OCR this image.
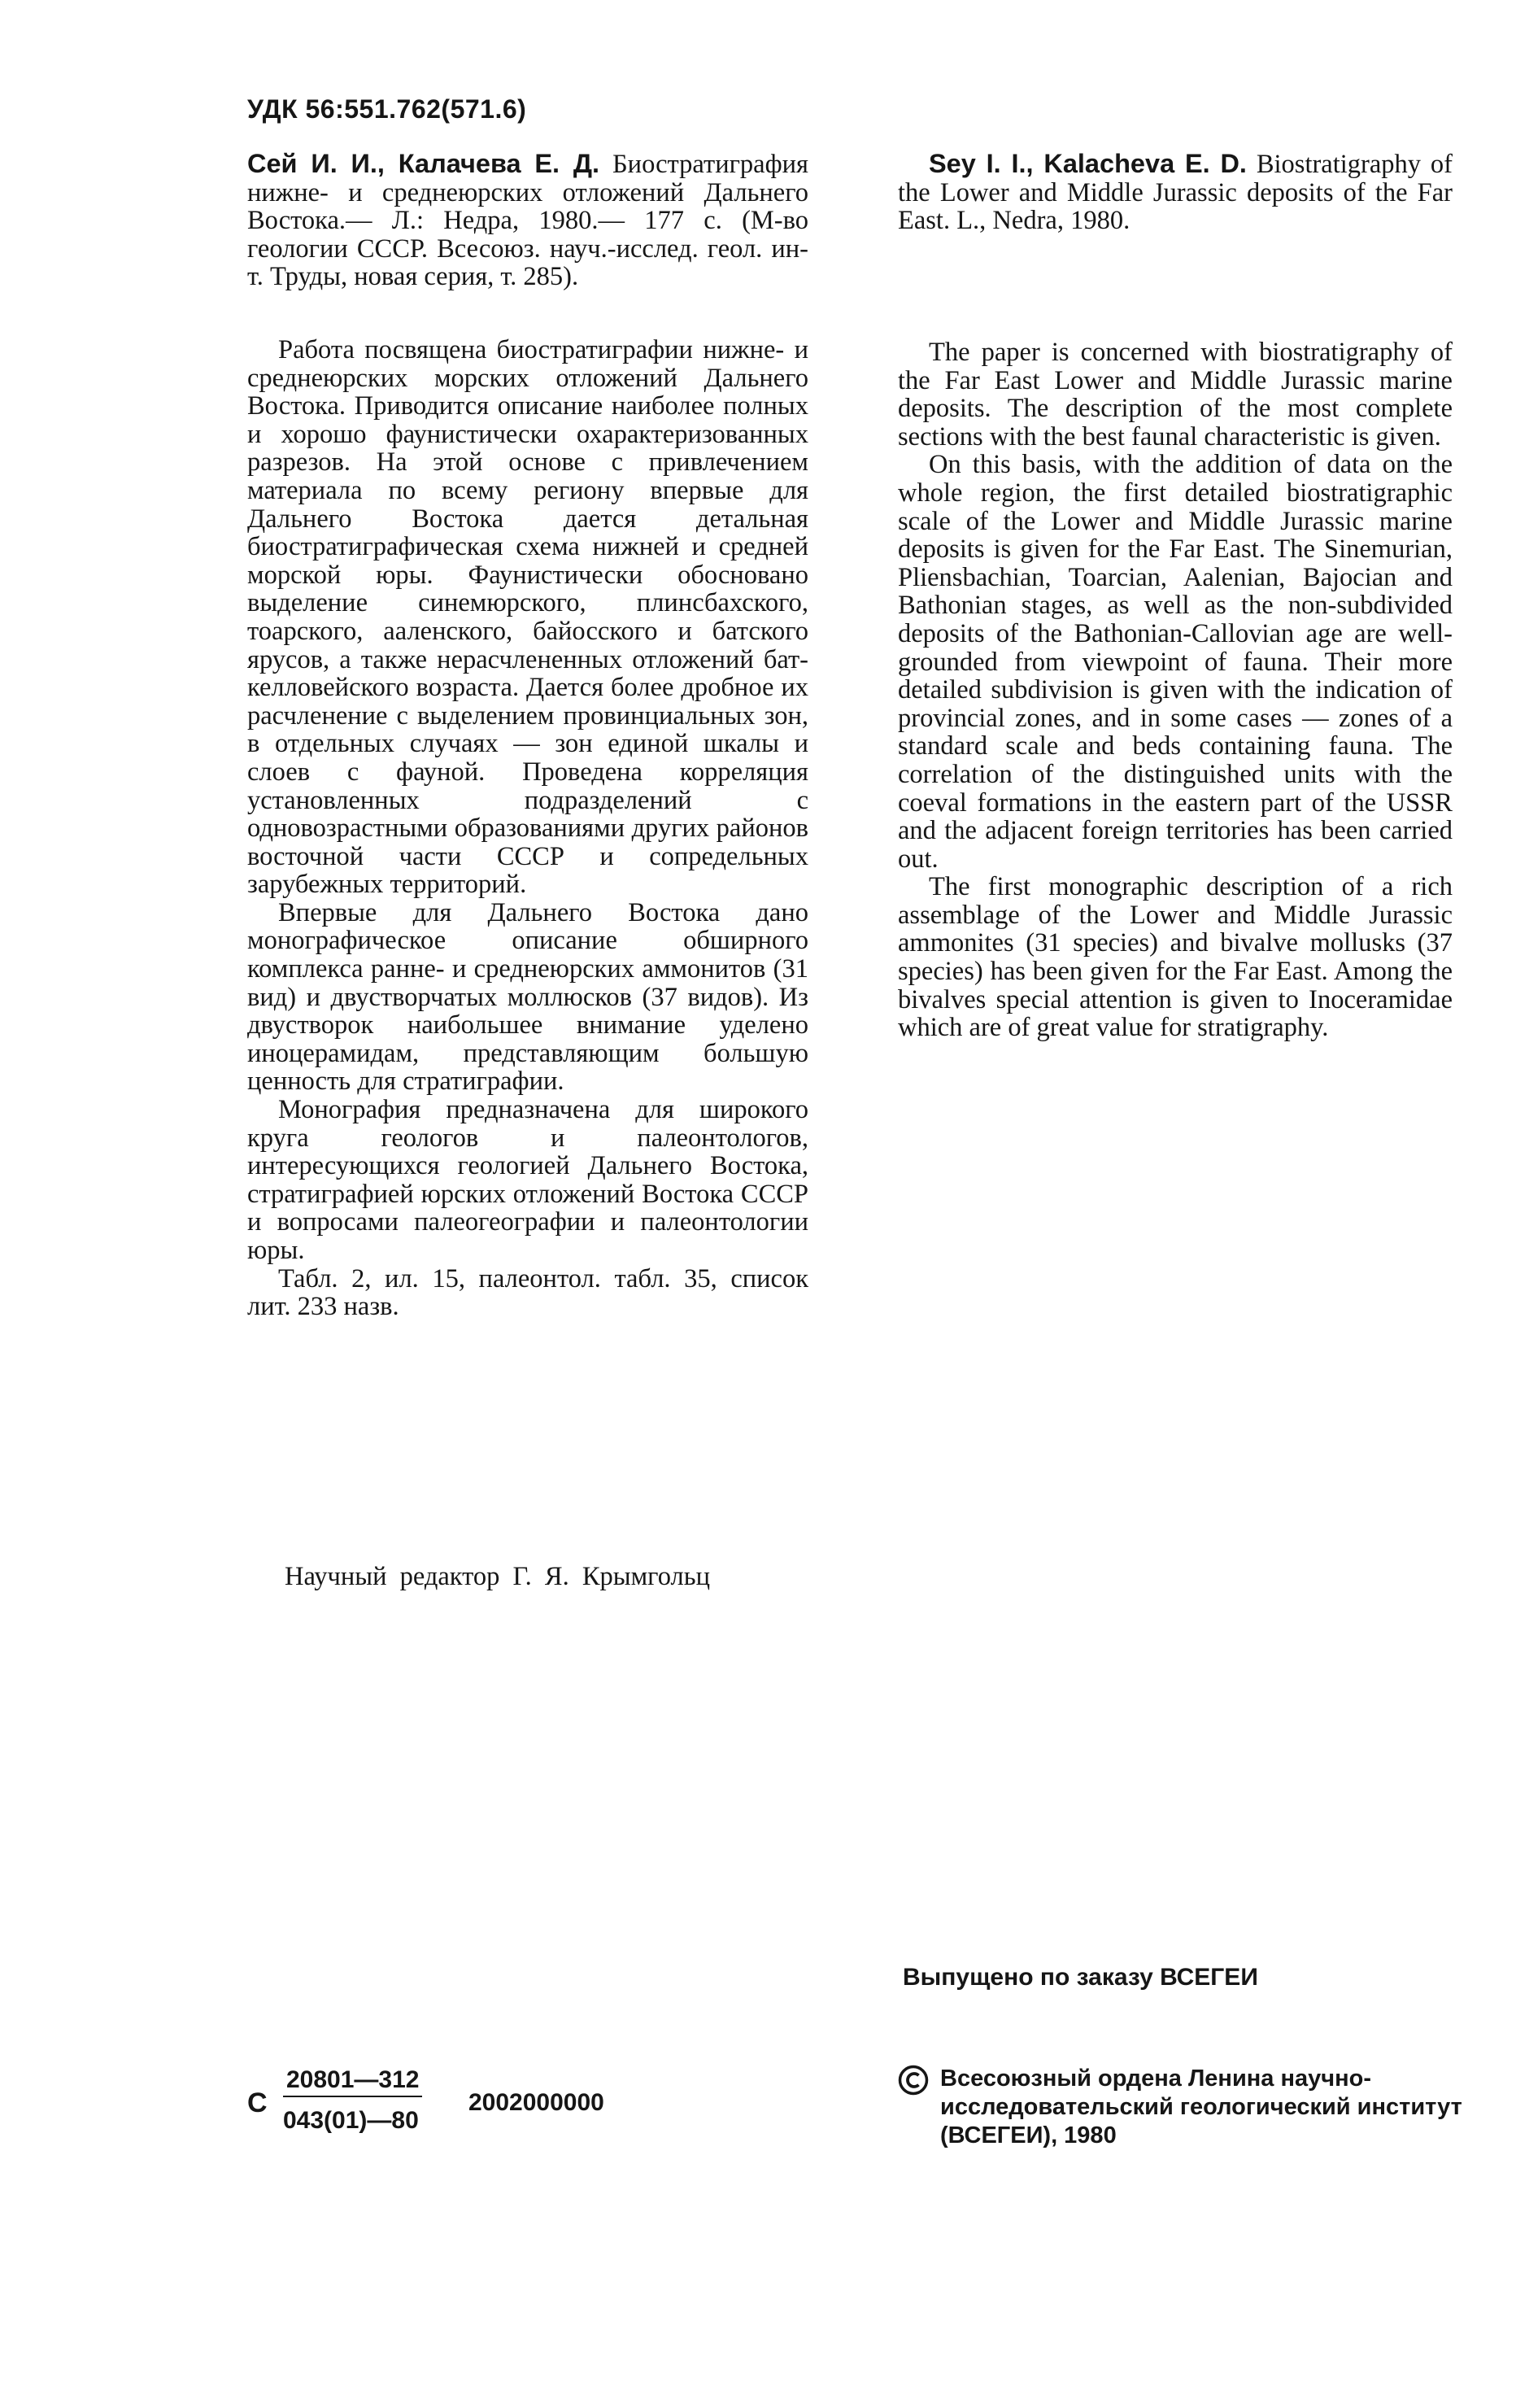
УДК 56:551.762(571.6)

Сей И. И., Калачева Е. Д. Биостратиграфия нижне- и среднеюрских отложений Дальнего Востока.— Л.: Недра, 1980.— 177 с. (М-во геологии СССР. Всесоюз. науч.-исслед. геол. ин-т. Труды, новая серия, т. 285).

Sey I. I., Kalacheva E. D. Biostratigraphy of the Lower and Middle Jurassic deposits of the Far East. L., Nedra, 1980.

Работа посвящена биостратиграфии нижне- и среднеюрских морских отложений Дальнего Востока. Приводится описание наиболее полных и хорошо фаунистически охарактеризованных разрезов. На этой основе с привлечением материала по всему региону впервые для Дальнего Востока дается детальная биостратиграфическая схема нижней и средней морской юры. Фаунистически обосновано выделение синемюрского, плинсбахского, тоарского, ааленского, байосского и батского ярусов, а также нерасчлененных отложений бат-келловейского возраста. Дается более дробное их расчленение с выделением провинциальных зон, в отдельных случаях — зон единой шкалы и слоев с фауной. Проведена корреляция установленных подразделений с одновозрастными образованиями других районов восточной части СССР и сопредельных зарубежных территорий.

Впервые для Дальнего Востока дано монографическое описание обширного комплекса ранне- и среднеюрских аммонитов (31 вид) и двустворчатых моллюсков (37 видов). Из двустворок наибольшее внимание уделено иноцерамидам, представляющим большую ценность для стратиграфии.

Монография предназначена для широкого круга геологов и палеонтологов, интересующихся геологией Дальнего Востока, стратиграфией юрских отложений Востока СССР и вопросами палеогеографии и палеонтологии юры.

Табл. 2, ил. 15, палеонтол. табл. 35, список лит. 233 назв.

The paper is concerned with biostratigraphy of the Far East Lower and Middle Jurassic marine deposits. The description of the most complete sections with the best faunal characteristic is given.

On this basis, with the addition of data on the whole region, the first detailed biostratigraphic scale of the Lower and Middle Jurassic marine deposits is given for the Far East. The Sinemurian, Pliensbachian, Toarcian, Aalenian, Bajocian and Bathonian stages, as well as the non-subdivided deposits of the Bathonian-Callovian age are well-grounded from viewpoint of fauna. Their more detailed subdivision is given with the indication of provincial zones, and in some cases — zones of a standard scale and beds containing fauna. The correlation of the distinguished units with the coeval formations in the eastern part of the USSR and the adjacent foreign territories has been carried out.

The first monographic description of a rich assemblage of the Lower and Middle Jurassic ammonites (31 species) and bivalve mollusks (37 species) has been given for the Far East. Among the bivalves special attention is given to Inoceramidae which are of great value for stratigraphy.

Научный редактор Г. Я. Крымгольц
Выпущено по заказу ВСЕГЕИ
С
20801—312
043(01)—80
2002000000
Всесоюзный ордена Ленина научно-исследовательский геологический институт (ВСЕГЕИ), 1980
